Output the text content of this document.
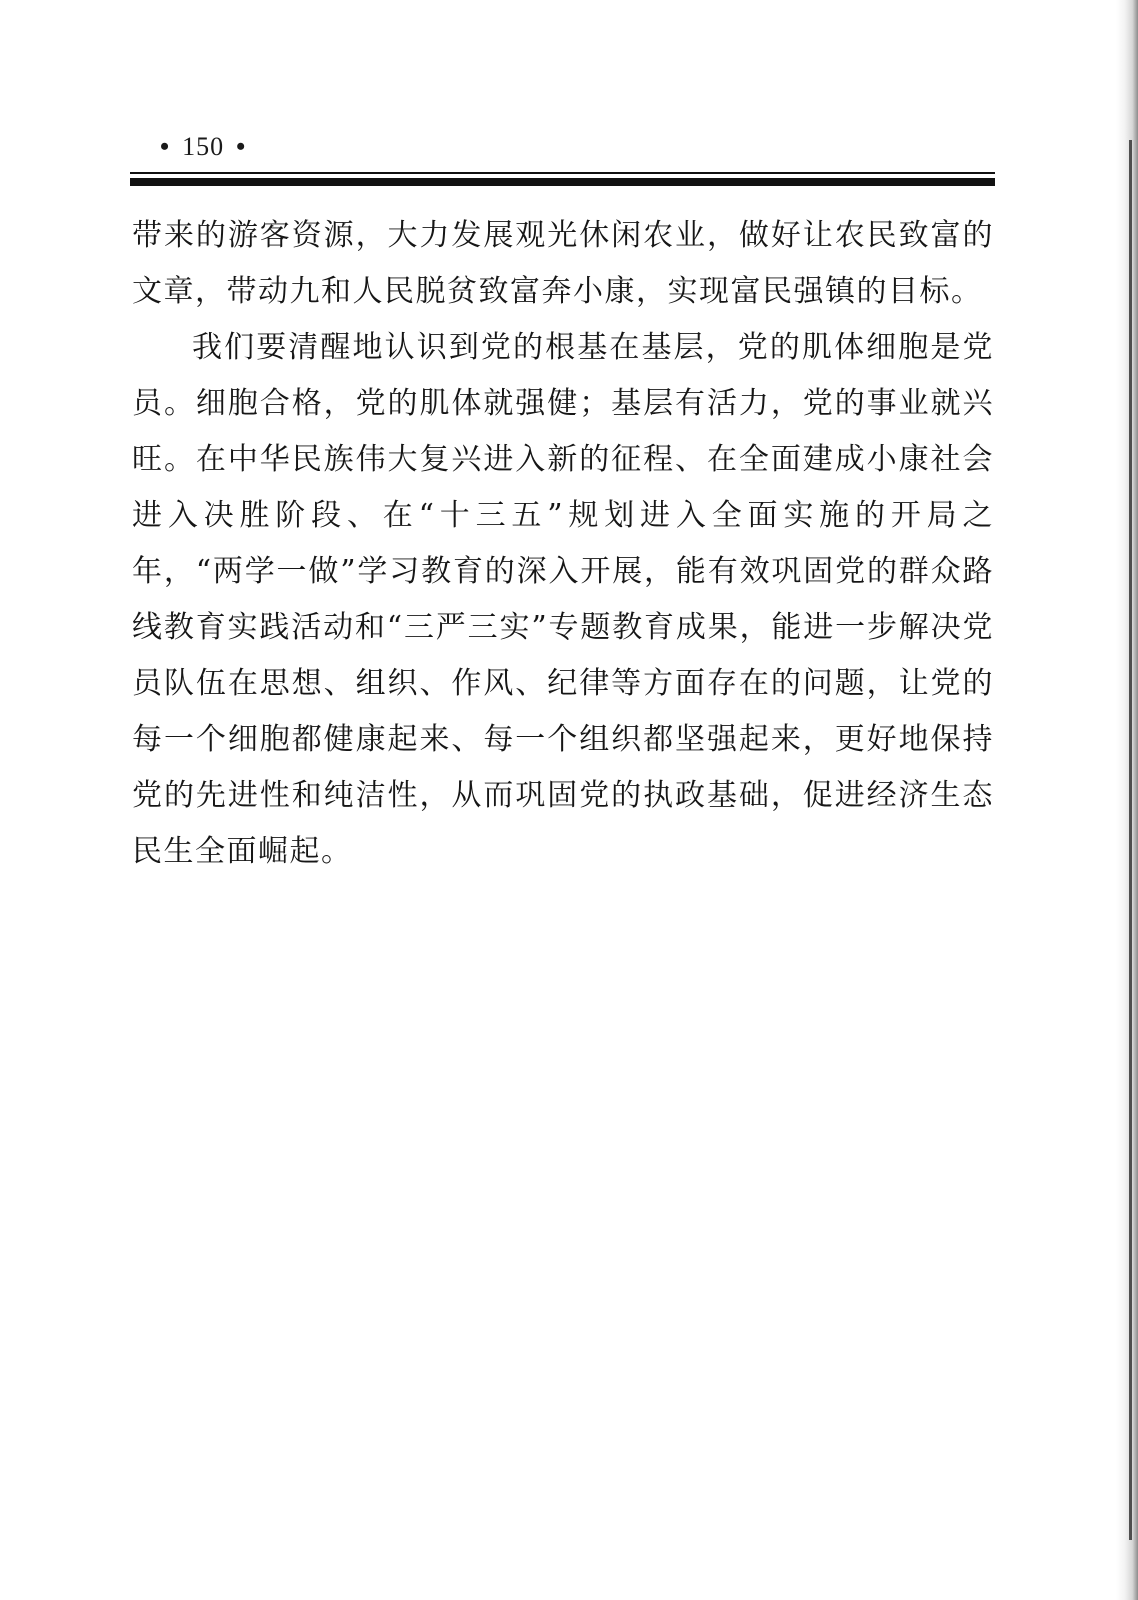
• 150 •

带来的游客资源，大力发展观光休闲农业，做好让农民致富的文章，带动九和人民脱贫致富奔小康，实现富民强镇的目标。

我们要清醒地认识到党的根基在基层，党的肌体细胞是党员。细胞合格，党的肌体就强健；基层有活力，党的事业就兴旺。在中华民族伟大复兴进入新的征程、在全面建成小康社会进入决胜阶段、在“十三五”规划进入全面实施的开局之年，“两学一做”学习教育的深入开展，能有效巩固党的群众路线教育实践活动和“三严三实”专题教育成果，能进一步解决党员队伍在思想、组织、作风、纪律等方面存在的问题，让党的每一个细胞都健康起来、每一个组织都坚强起来，更好地保持党的先进性和纯洁性，从而巩固党的执政基础，促进经济生态民生全面崛起。
